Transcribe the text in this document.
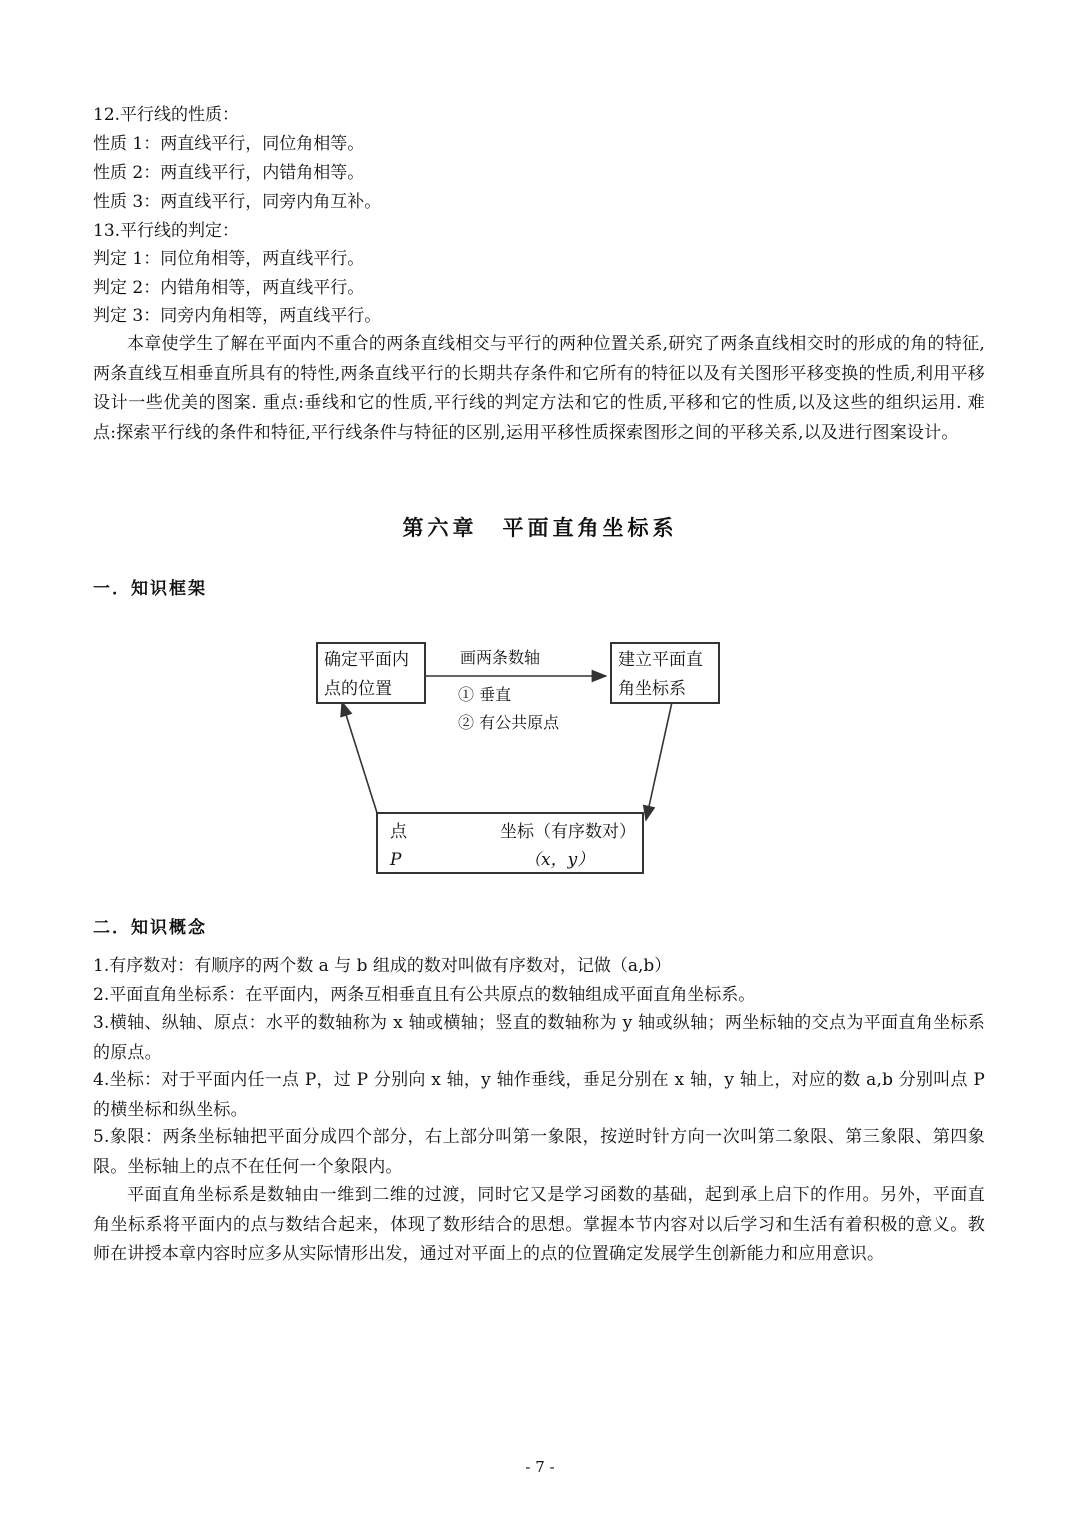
12.平行线的性质：
性质 1：两直线平行，同位角相等。
性质 2：两直线平行，内错角相等。
性质 3：两直线平行，同旁内角互补。
13.平行线的判定：
判定 1：同位角相等，两直线平行。
判定 2：内错角相等，两直线平行。
判定 3：同旁内角相等，两直线平行。
本章使学生了解在平面内不重合的两条直线相交与平行的两种位置关系,研究了两条直线相交时的形成的角的特征,两条直线互相垂直所具有的特性,两条直线平行的长期共存条件和它所有的特征以及有关图形平移变换的性质,利用平移设计一些优美的图案. 重点:垂线和它的性质,平行线的判定方法和它的性质,平移和它的性质,以及这些的组织运用. 难点:探索平行线的条件和特征,平行线条件与特征的区别,运用平移性质探索图形之间的平移关系,以及进行图案设计。
第六章　平面直角坐标系
一．知识框架
确定平面内
点的位置
建立平面直
角坐标系
画两条数轴
① 垂直
② 有公共原点
点
P
坐标（有序数对）
（x，y）
二．知识概念
1.有序数对：有顺序的两个数 a 与 b 组成的数对叫做有序数对，记做（a,b）
2.平面直角坐标系：在平面内，两条互相垂直且有公共原点的数轴组成平面直角坐标系。
3.横轴、纵轴、原点：水平的数轴称为 x 轴或横轴；竖直的数轴称为 y 轴或纵轴；两坐标轴的交点为平面直角坐标系的原点。
4.坐标：对于平面内任一点 P，过 P 分别向 x 轴，y 轴作垂线，垂足分别在 x 轴，y 轴上，对应的数 a,b 分别叫点 P 的横坐标和纵坐标。
5.象限：两条坐标轴把平面分成四个部分，右上部分叫第一象限，按逆时针方向一次叫第二象限、第三象限、第四象限。坐标轴上的点不在任何一个象限内。
平面直角坐标系是数轴由一维到二维的过渡，同时它又是学习函数的基础，起到承上启下的作用。另外，平面直角坐标系将平面内的点与数结合起来，体现了数形结合的思想。掌握本节内容对以后学习和生活有着积极的意义。教师在讲授本章内容时应多从实际情形出发，通过对平面上的点的位置确定发展学生创新能力和应用意识。
- 7 -
